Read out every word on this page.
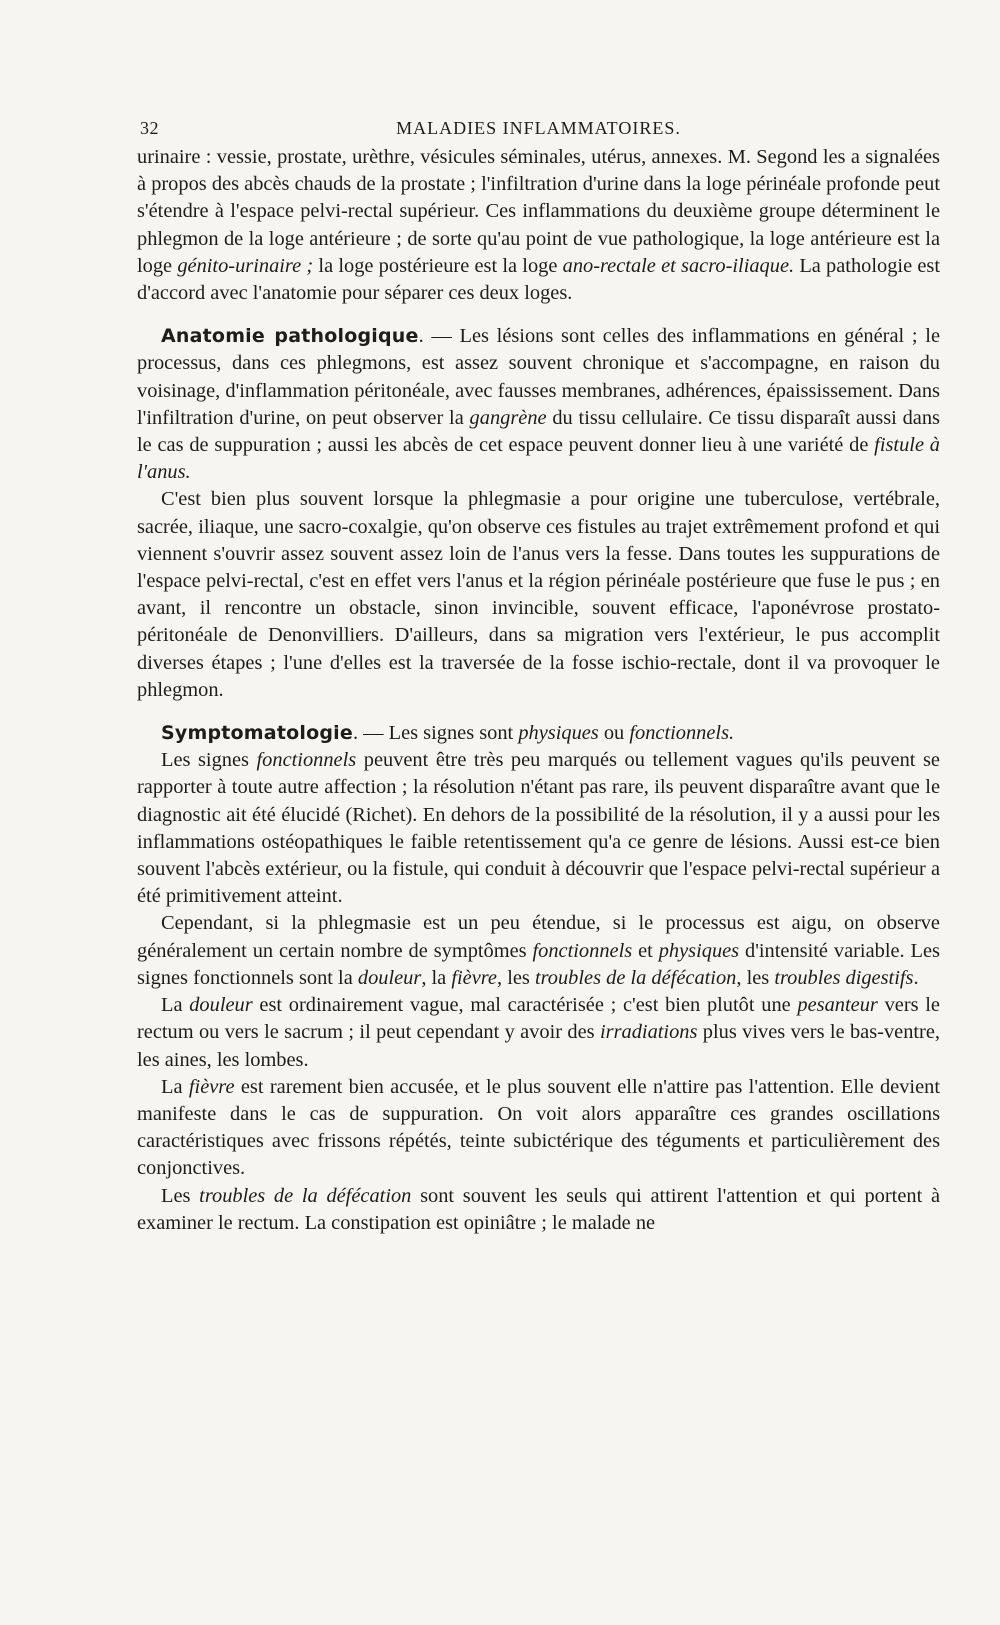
32	MALADIES INFLAMMATOIRES.

urinaire : vessie, prostate, urèthre, vésicules séminales, utérus, annexes. M. Segond les a signalées à propos des abcès chauds de la prostate ; l'infiltration d'urine dans la loge périnéale profonde peut s'étendre à l'espace pelvi-rectal supérieur. Ces inflammations du deuxième groupe déterminent le phlegmon de la loge antérieure ; de sorte qu'au point de vue pathologique, la loge antérieure est la loge génito-urinaire ; la loge postérieure est la loge ano-rectale et sacro-iliaque. La pathologie est d'accord avec l'anatomie pour séparer ces deux loges.

Anatomie pathologique. — Les lésions sont celles des inflammations en général ; le processus, dans ces phlegmons, est assez souvent chronique et s'accompagne, en raison du voisinage, d'inflammation péritonéale, avec fausses membranes, adhérences, épaississement. Dans l'infiltration d'urine, on peut observer la gangrène du tissu cellulaire. Ce tissu disparaît aussi dans le cas de suppuration ; aussi les abcès de cet espace peuvent donner lieu à une variété de fistule à l'anus.

C'est bien plus souvent lorsque la phlegmasie a pour origine une tuberculose, vertébrale, sacrée, iliaque, une sacro-coxalgie, qu'on observe ces fistules au trajet extrêmement profond et qui viennent s'ouvrir assez souvent assez loin de l'anus vers la fesse. Dans toutes les suppurations de l'espace pelvi-rectal, c'est en effet vers l'anus et la région périnéale postérieure que fuse le pus ; en avant, il rencontre un obstacle, sinon invincible, souvent efficace, l'aponévrose prostato-péritonéale de Denonvilliers. D'ailleurs, dans sa migration vers l'extérieur, le pus accomplit diverses étapes ; l'une d'elles est la traversée de la fosse ischio-rectale, dont il va provoquer le phlegmon.

Symptomatologie. — Les signes sont physiques ou fonctionnels.

Les signes fonctionnels peuvent être très peu marqués ou tellement vagues qu'ils peuvent se rapporter à toute autre affection ; la résolution n'étant pas rare, ils peuvent disparaître avant que le diagnostic ait été élucidé (Richet). En dehors de la possibilité de la résolution, il y a aussi pour les inflammations ostéopathiques le faible retentissement qu'a ce genre de lésions. Aussi est-ce bien souvent l'abcès extérieur, ou la fistule, qui conduit à découvrir que l'espace pelvi-rectal supérieur a été primitivement atteint.

Cependant, si la phlegmasie est un peu étendue, si le processus est aigu, on observe généralement un certain nombre de symptômes fonctionnels et physiques d'intensité variable. Les signes fonctionnels sont la douleur, la fièvre, les troubles de la défécation, les troubles digestifs.

La douleur est ordinairement vague, mal caractérisée ; c'est bien plutôt une pesanteur vers le rectum ou vers le sacrum ; il peut cependant y avoir des irradiations plus vives vers le bas-ventre, les aines, les lombes.

La fièvre est rarement bien accusée, et le plus souvent elle n'attire pas l'attention. Elle devient manifeste dans le cas de suppuration. On voit alors apparaître ces grandes oscillations caractéristiques avec frissons répétés, teinte subictérique des téguments et particulièrement des conjonctives.

Les troubles de la défécation sont souvent les seuls qui attirent l'attention et qui portent à examiner le rectum. La constipation est opiniâtre ; le malade ne
